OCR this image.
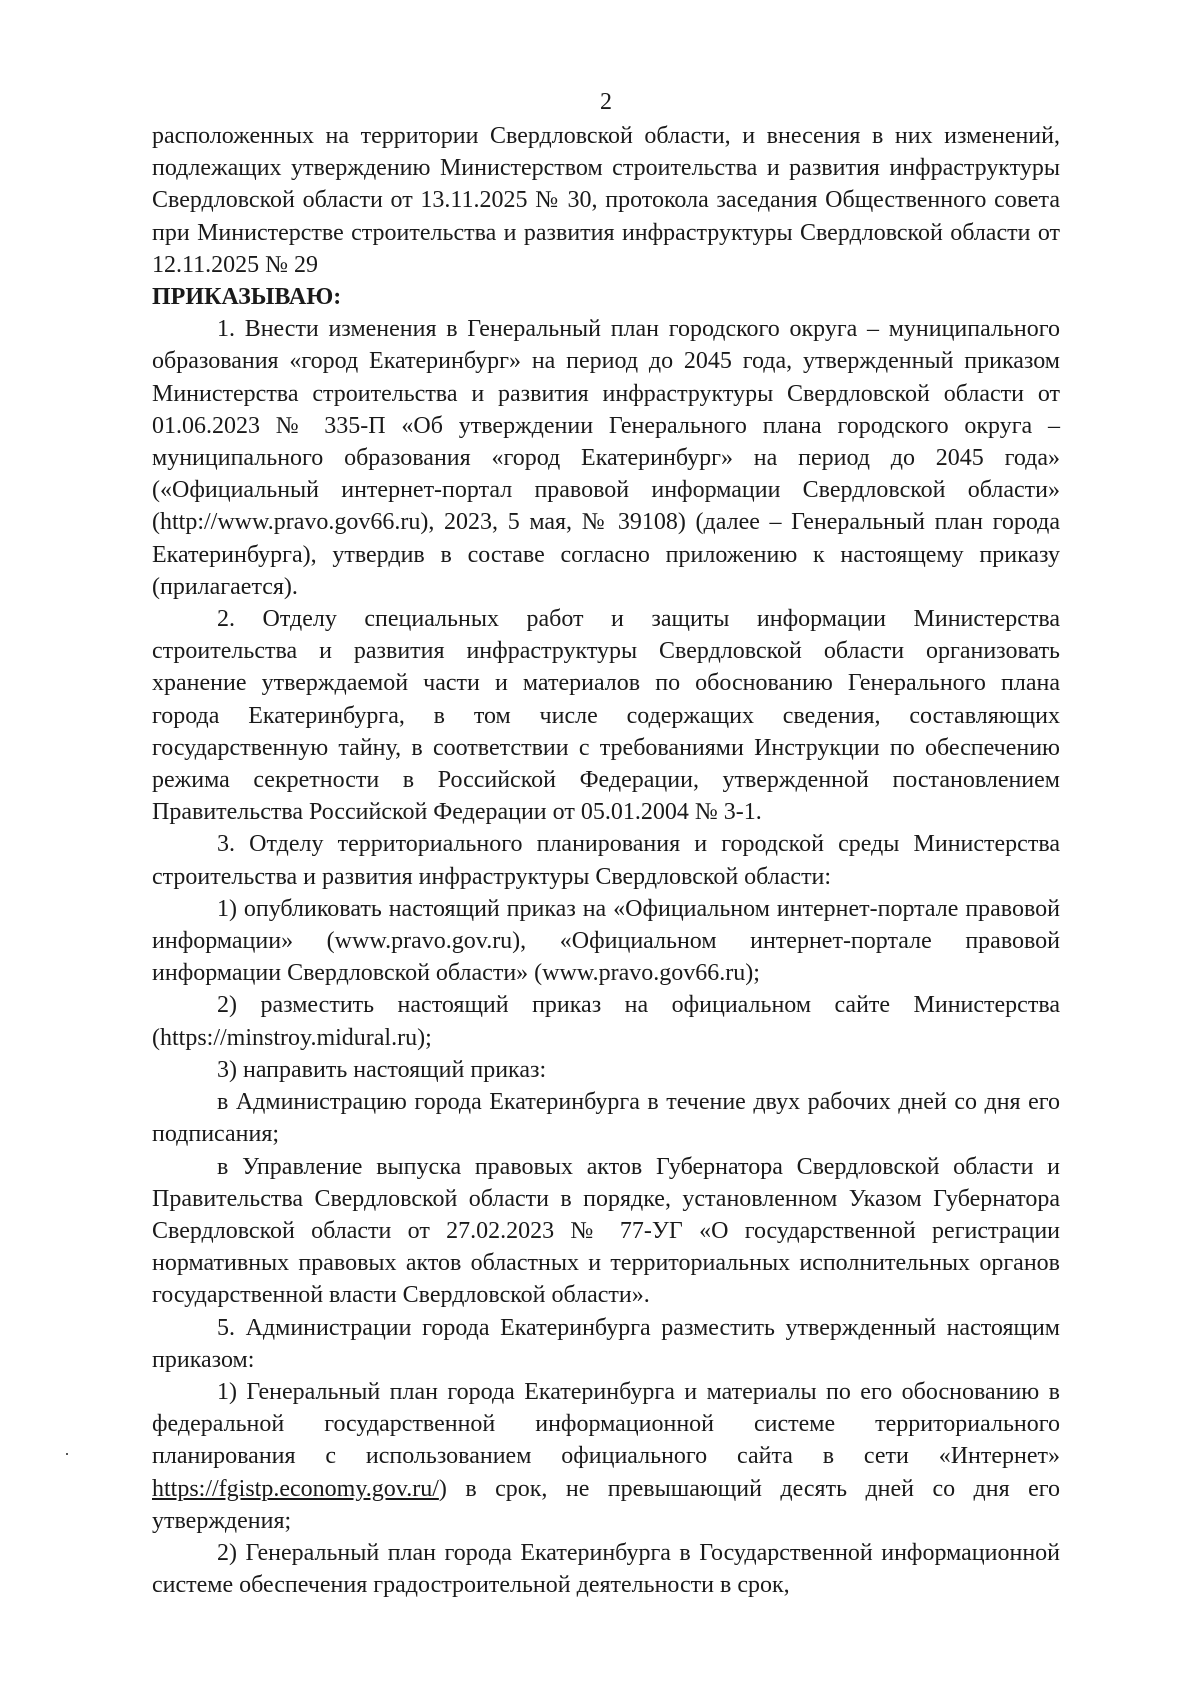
2

расположенных на территории Свердловской области, и внесения в них изменений, подлежащих утверждению Министерством строительства и развития инфраструктуры Свердловской области от 13.11.2025 № 30, протокола заседания Общественного совета при Министерстве строительства и развития инфраструктуры Свердловской области от 12.11.2025 № 29

ПРИКАЗЫВАЮ:

1. Внести изменения в Генеральный план городского округа – муниципального образования «город Екатеринбург» на период до 2045 года, утвержденный приказом Министерства строительства и развития инфраструктуры Свердловской области от 01.06.2023 № 335-П «Об утверждении Генерального плана городского округа – муниципального образования «город Екатеринбург» на период до 2045 года» («Официальный интернет-портал правовой информации Свердловской области» (http://www.pravo.gov66.ru), 2023, 5 мая, № 39108) (далее – Генеральный план города Екатеринбурга), утвердив в составе согласно приложению к настоящему приказу (прилагается).

2. Отделу специальных работ и защиты информации Министерства строительства и развития инфраструктуры Свердловской области организовать хранение утверждаемой части и материалов по обоснованию Генерального плана города Екатеринбурга, в том числе содержащих сведения, составляющих государственную тайну, в соответствии с требованиями Инструкции по обеспечению режима секретности в Российской Федерации, утвержденной постановлением Правительства Российской Федерации от 05.01.2004 № 3-1.

3. Отделу территориального планирования и городской среды Министерства строительства и развития инфраструктуры Свердловской области:

1) опубликовать настоящий приказ на «Официальном интернет-портале правовой информации» (www.pravo.gov.ru), «Официальном интернет-портале правовой информации Свердловской области» (www.pravo.gov66.ru);

2) разместить настоящий приказ на официальном сайте Министерства (https://minstroy.midural.ru);

3) направить настоящий приказ:

в Администрацию города Екатеринбурга в течение двух рабочих дней со дня его подписания;

в Управление выпуска правовых актов Губернатора Свердловской области и Правительства Свердловской области в порядке, установленном Указом Губернатора Свердловской области от 27.02.2023 № 77-УГ «О государственной регистрации нормативных правовых актов областных и территориальных исполнительных органов государственной власти Свердловской области».

5. Администрации города Екатеринбурга разместить утвержденный настоящим приказом:

1) Генеральный план города Екатеринбурга и материалы по его обоснованию в федеральной государственной информационной системе территориального планирования с использованием официального сайта в сети «Интернет» https://fgistp.economy.gov.ru/) в срок, не превышающий десять дней со дня его утверждения;

2) Генеральный план города Екатеринбурга в Государственной информационной системе обеспечения градостроительной деятельности в срок,
